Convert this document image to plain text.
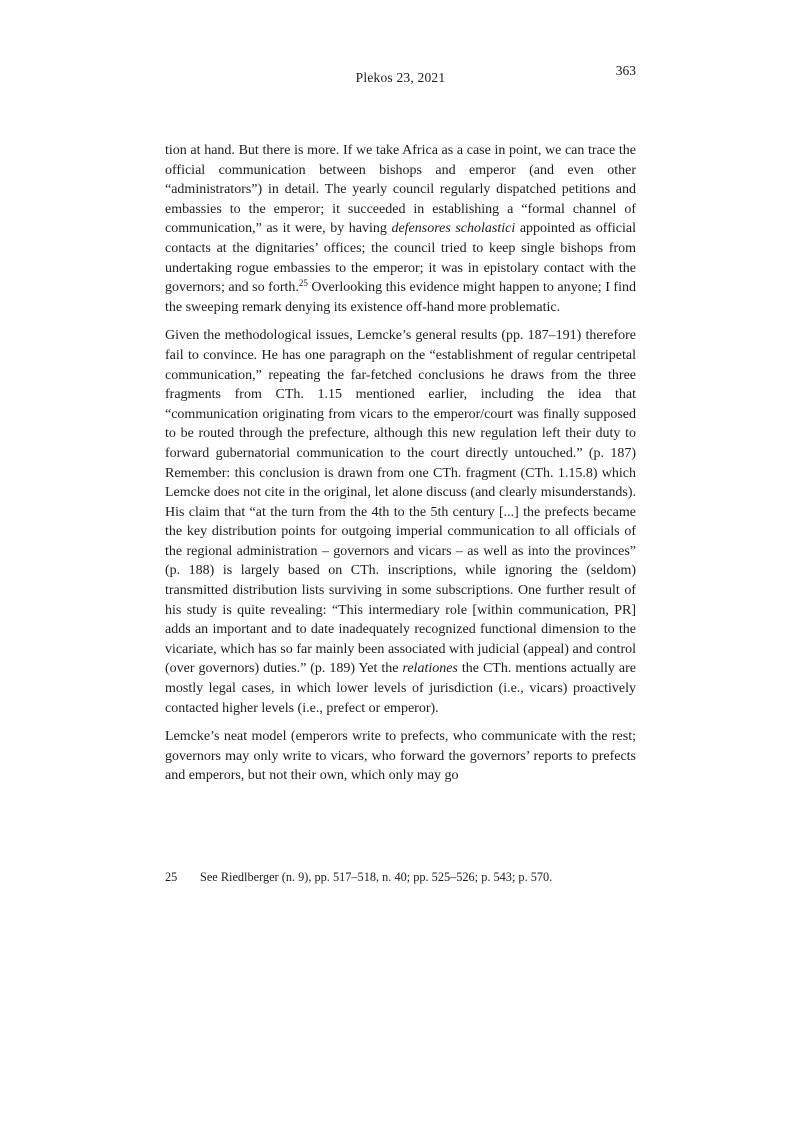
Plekos 23, 2021	363

tion at hand. But there is more. If we take Africa as a case in point, we can trace the official communication between bishops and emperor (and even other “administrators”) in detail. The yearly council regularly dispatched petitions and embassies to the emperor; it succeeded in establishing a “formal channel of communication,” as it were, by having defensores scholastici appointed as official contacts at the dignitaries’ offices; the council tried to keep single bishops from undertaking rogue embassies to the emperor; it was in epistolary contact with the governors; and so forth.$^{25}$ Overlooking this evidence might happen to anyone; I find the sweeping remark denying its existence off-hand more problematic.

Given the methodological issues, Lemcke’s general results (pp. 187–191) therefore fail to convince. He has one paragraph on the “establishment of regular centripetal communication,” repeating the far-fetched conclusions he draws from the three fragments from CTh. 1.15 mentioned earlier, including the idea that “communication originating from vicars to the emperor/court was finally supposed to be routed through the prefecture, although this new regulation left their duty to forward gubernatorial communication to the court directly untouched.” (p. 187) Remember: this conclusion is drawn from one CTh. fragment (CTh. 1.15.8) which Lemcke does not cite in the original, let alone discuss (and clearly misunderstands). His claim that “at the turn from the 4th to the 5th century [...] the prefects became the key distribution points for outgoing imperial communication to all officials of the regional administration – governors and vicars – as well as into the provinces” (p. 188) is largely based on CTh. inscriptions, while ignoring the (seldom) transmitted distribution lists surviving in some subscriptions. One further result of his study is quite revealing: “This intermediary role [within communication, PR] adds an important and to date inadequately recognized functional dimension to the vicariate, which has so far mainly been associated with judicial (appeal) and control (over governors) duties.” (p. 189) Yet the relationes the CTh. mentions actually are mostly legal cases, in which lower levels of jurisdiction (i.e., vicars) proactively contacted higher levels (i.e., prefect or emperor).

Lemcke’s neat model (emperors write to prefects, who communicate with the rest; governors may only write to vicars, who forward the governors’ reports to prefects and emperors, but not their own, which only may go

25	See Riedlberger (n. 9), pp. 517–518, n. 40; pp. 525–526; p. 543; p. 570.
